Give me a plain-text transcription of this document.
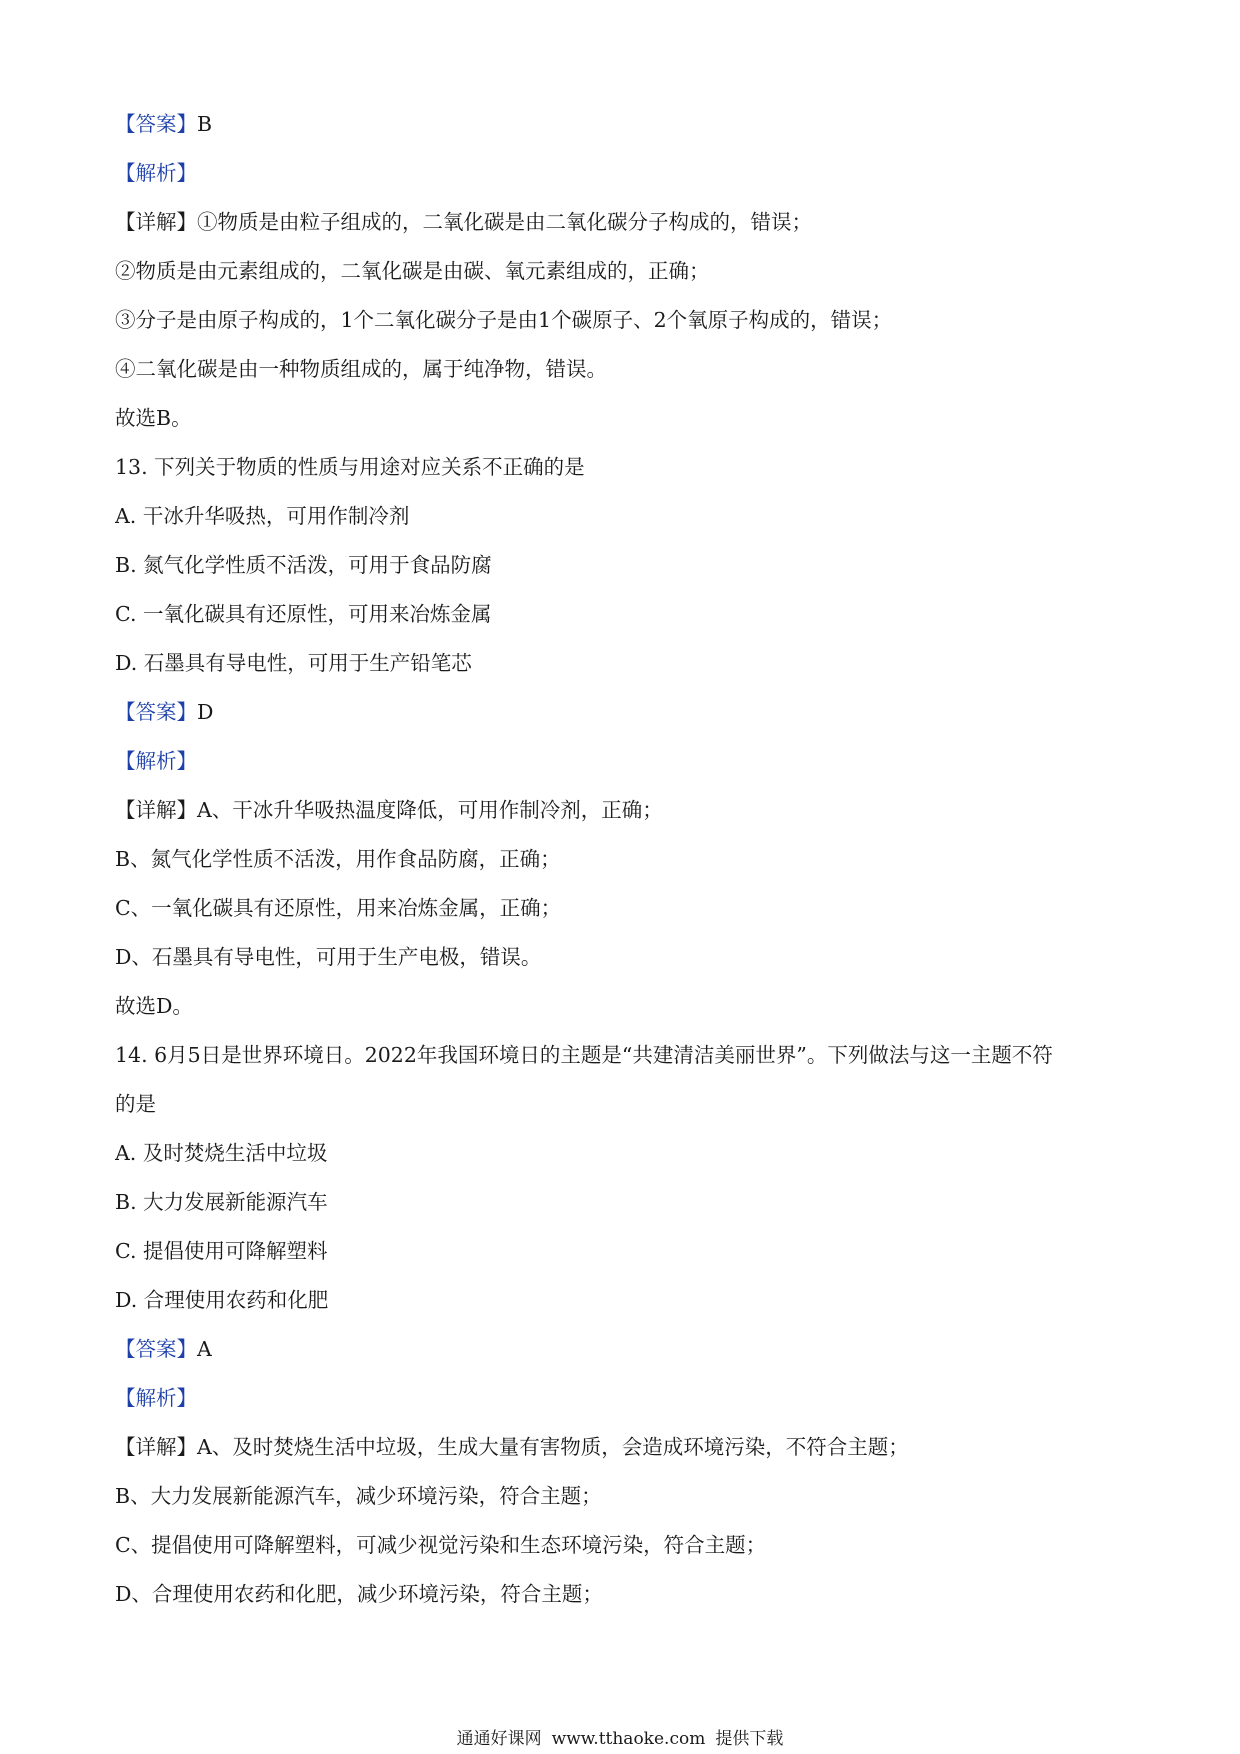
【答案】B
【解析】
【详解】①物质是由粒子组成的，二氧化碳是由二氧化碳分子构成的，错误；
②物质是由元素组成的，二氧化碳是由碳、氧元素组成的，正确；
③分子是由原子构成的，1个二氧化碳分子是由1个碳原子、2个氧原子构成的，错误；
④二氧化碳是由一种物质组成的，属于纯净物，错误。
故选B。
13. 下列关于物质的性质与用途对应关系不正确的是
A. 干冰升华吸热，可用作制冷剂
B. 氮气化学性质不活泼，可用于食品防腐
C. 一氧化碳具有还原性，可用来冶炼金属
D. 石墨具有导电性，可用于生产铅笔芯
【答案】D
【解析】
【详解】A、干冰升华吸热温度降低，可用作制冷剂，正确；
B、氮气化学性质不活泼，用作食品防腐，正确；
C、一氧化碳具有还原性，用来冶炼金属，正确；
D、石墨具有导电性，可用于生产电极，错误。
故选D。
14. 6月5日是世界环境日。2022年我国环境日的主题是“共建清洁美丽世界”。下列做法与这一主题不符
的是
A. 及时焚烧生活中垃圾
B. 大力发展新能源汽车
C. 提倡使用可降解塑料
D. 合理使用农药和化肥
【答案】A
【解析】
【详解】A、及时焚烧生活中垃圾，生成大量有害物质，会造成环境污染，不符合主题；
B、大力发展新能源汽车，减少环境污染，符合主题；
C、提倡使用可降解塑料，可减少视觉污染和生态环境污染，符合主题；
D、合理使用农药和化肥，减少环境污染，符合主题；
通通好课网 www.tthaoke.com 提供下载
